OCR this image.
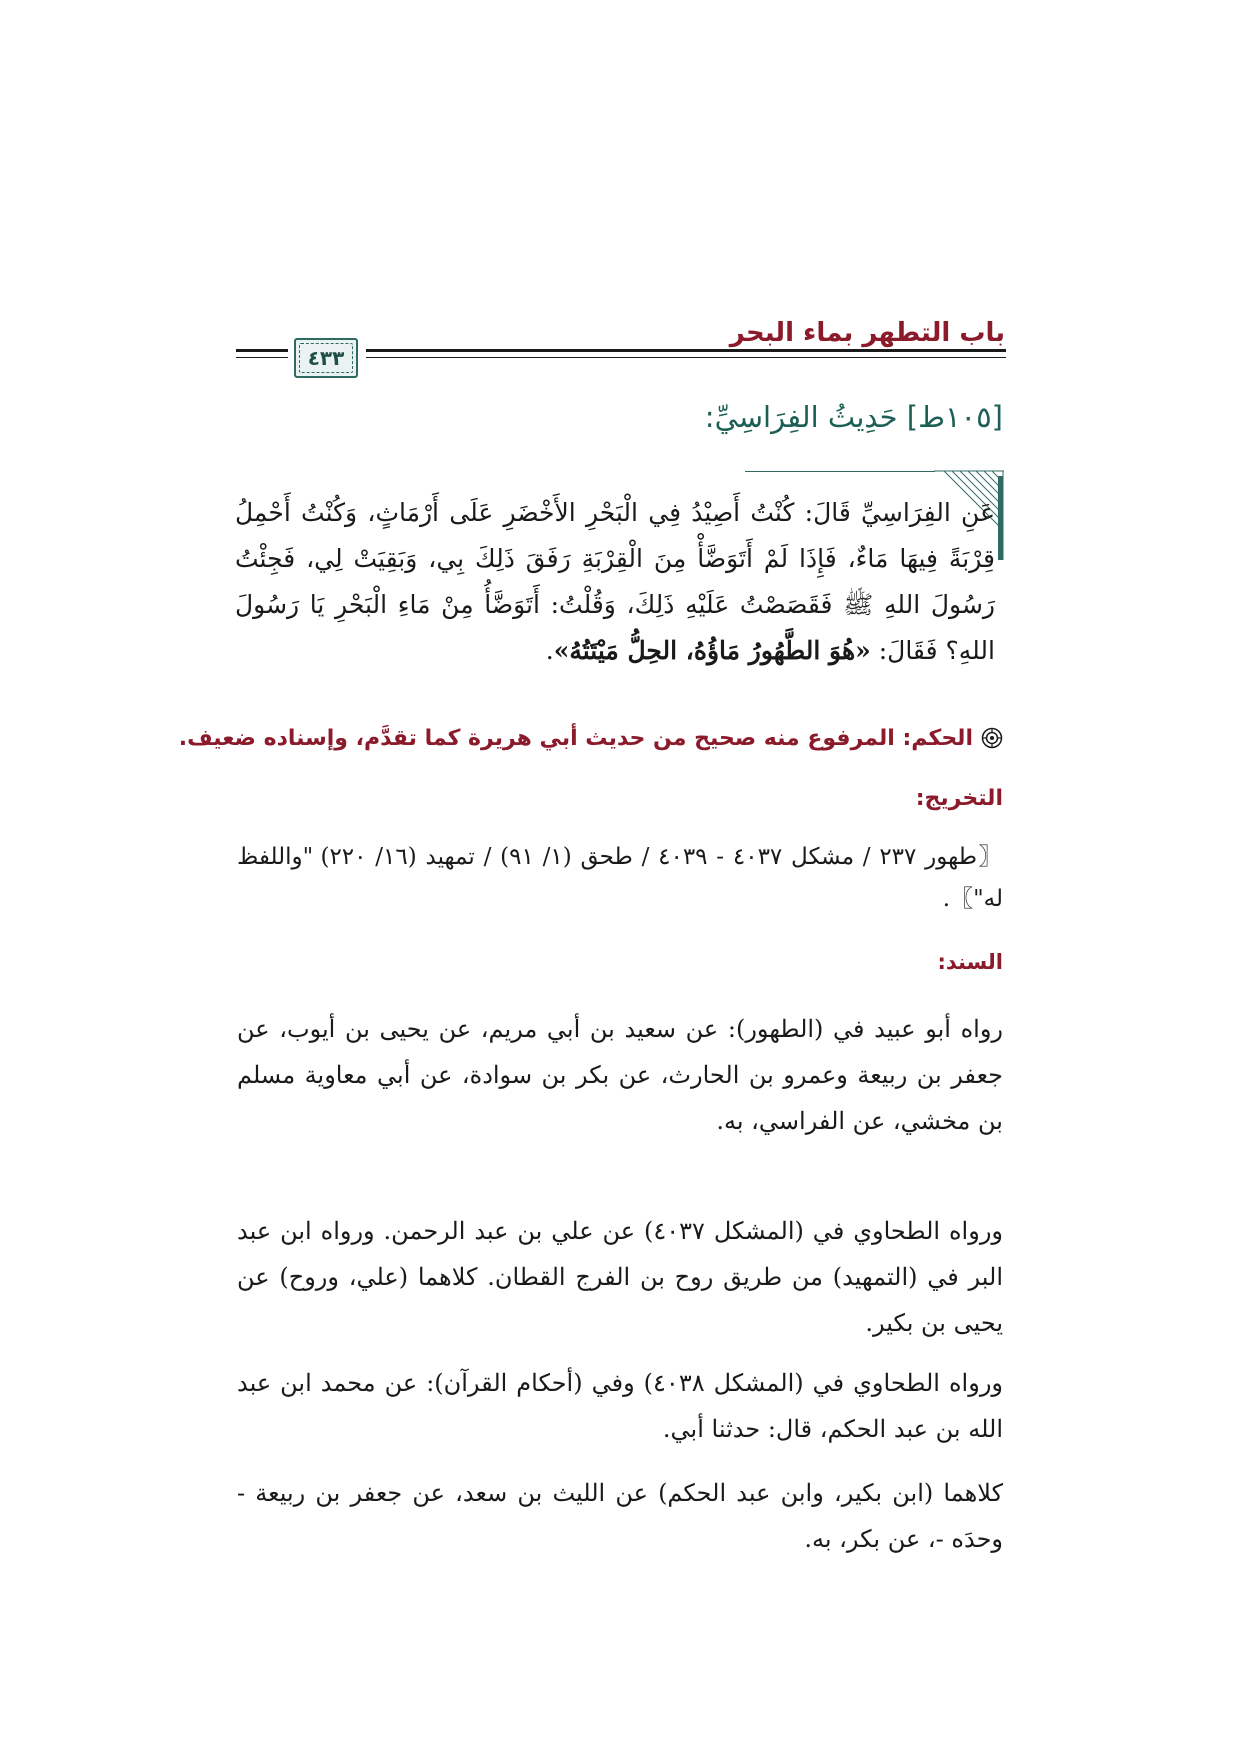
باب التطهر بماء البحر
٤٣٣
[١٠٥ط] حَدِيثُ الفِرَاسِيِّ:
عَنِ الفِرَاسِيِّ قَالَ: كُنْتُ أَصِيْدُ فِي الْبَحْرِ الأَخْضَرِ عَلَى أَرْمَاثٍ، وَكُنْتُ أَحْمِلُ قِرْبَةً فِيهَا مَاءٌ، فَإِذَا لَمْ أَتَوَضَّأْ مِنَ الْقِرْبَةِ رَفَقَ ذَلِكَ بِي، وَبَقِيَتْ لِي، فَجِئْتُ رَسُولَ اللهِ ﷺ فَقَصَصْتُ عَلَيْهِ ذَلِكَ، وَقُلْتُ: أَتَوَضَّأُ مِنْ مَاءِ الْبَحْرِ يَا رَسُولَ اللهِ؟ فَقَالَ: «هُوَ الطَّهُورُ مَاؤُهُ، الحِلُّ مَيْتَتُهُ».
الحكم: المرفوع منه صحيح من حديث أبي هريرة كما تقدَّم، وإسناده ضعيف.
التخريج:
〖طهور ٢٣٧ / مشكل ٤٠٣٧ - ٤٠٣٩ / طحق (١/ ٩١) / تمهيد (١٦/ ٢٢٠) "واللفظ له"〗.
السند:
رواه أبو عبيد في (الطهور): عن سعيد بن أبي مريم، عن يحيى بن أيوب، عن جعفر بن ربيعة وعمرو بن الحارث، عن بكر بن سوادة، عن أبي معاوية مسلم بن مخشي، عن الفراسي، به.
ورواه الطحاوي في (المشكل ٤٠٣٧) عن علي بن عبد الرحمن. ورواه ابن عبد البر في (التمهيد) من طريق روح بن الفرج القطان. كلاهما (علي، وروح) عن يحيى بن بكير.
ورواه الطحاوي في (المشكل ٤٠٣٨) وفي (أحكام القرآن): عن محمد ابن عبد الله بن عبد الحكم، قال: حدثنا أبي.
كلاهما (ابن بكير، وابن عبد الحكم) عن الليث بن سعد، عن جعفر بن ربيعة - وحدَه -، عن بكر، به.
